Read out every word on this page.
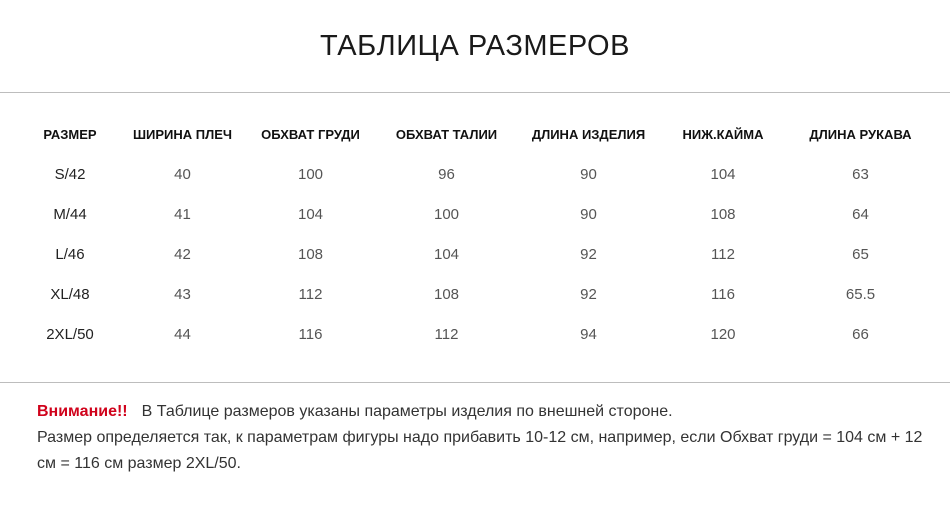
ТАБЛИЦА РАЗМЕРОВ
РАЗМЕР	ШИРИНА ПЛЕЧ	ОБХВАТ ГРУДИ	ОБХВАТ ТАЛИИ	ДЛИНА ИЗДЕЛИЯ	НИЖ.КАЙМА	ДЛИНА РУКАВА
S/42	40	100	96	90	104	63
M/44	41	104	100	90	108	64
L/46	42	108	104	92	112	65
XL/48	43	112	108	92	116	65.5
2XL/50	44	116	112	94	120	66
Внимание!! В Таблице размеров указаны параметры изделия по внешней стороне.
Размер определяется так, к параметрам фигуры надо прибавить 10-12 см, например, если Обхват груди = 104 см + 12 см = 116 см размер 2XL/50.
